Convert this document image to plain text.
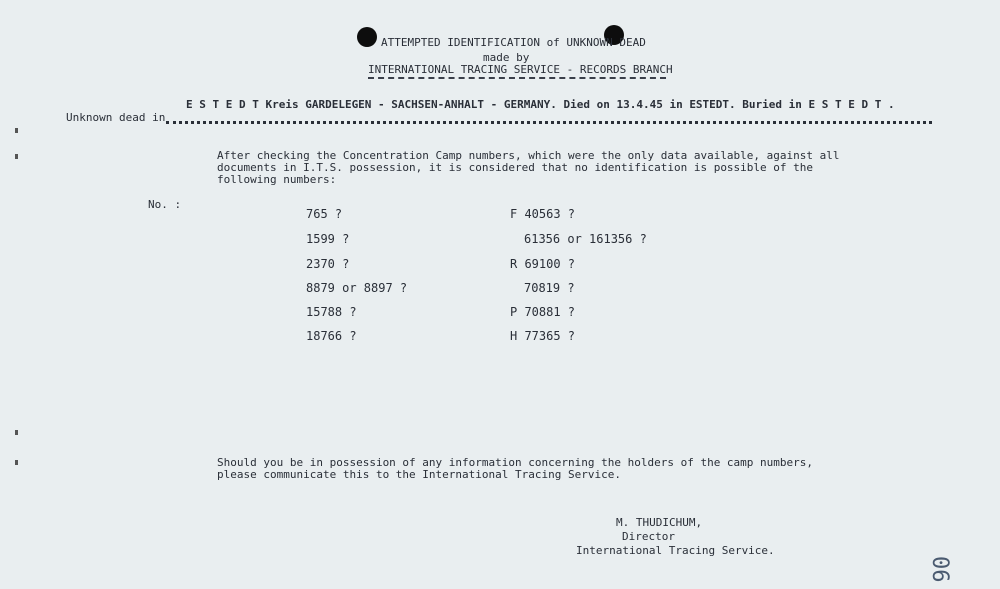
ATTEMPTED IDENTIFICATION of UNKNOWN DEAD
made by
INTERNATIONAL TRACING SERVICE - RECORDS BRANCH
E S T E D T Kreis GARDELEGEN - SACHSEN-ANHALT - GERMANY. Died on 13.4.45 in ESTEDT. Buried in E S T E D T .
Unknown dead in
After checking the Concentration Camp numbers, which were the only data available, against all
documents in I.T.S. possession, it is considered that no identification is possible of the
following numbers:
No. :
765 ?
1599 ?
2370 ?
8879 or 8897 ?
15788 ?
18766 ?
F 40563 ?
61356 or 161356 ?
R 69100 ?
70819 ?
P 70881 ?
H 77365 ?
Should you be in possession of any information concerning the holders of the camp numbers,
please communicate this to the International Tracing Service.
M. THUDICHUM,
Director
International Tracing Service.
06
